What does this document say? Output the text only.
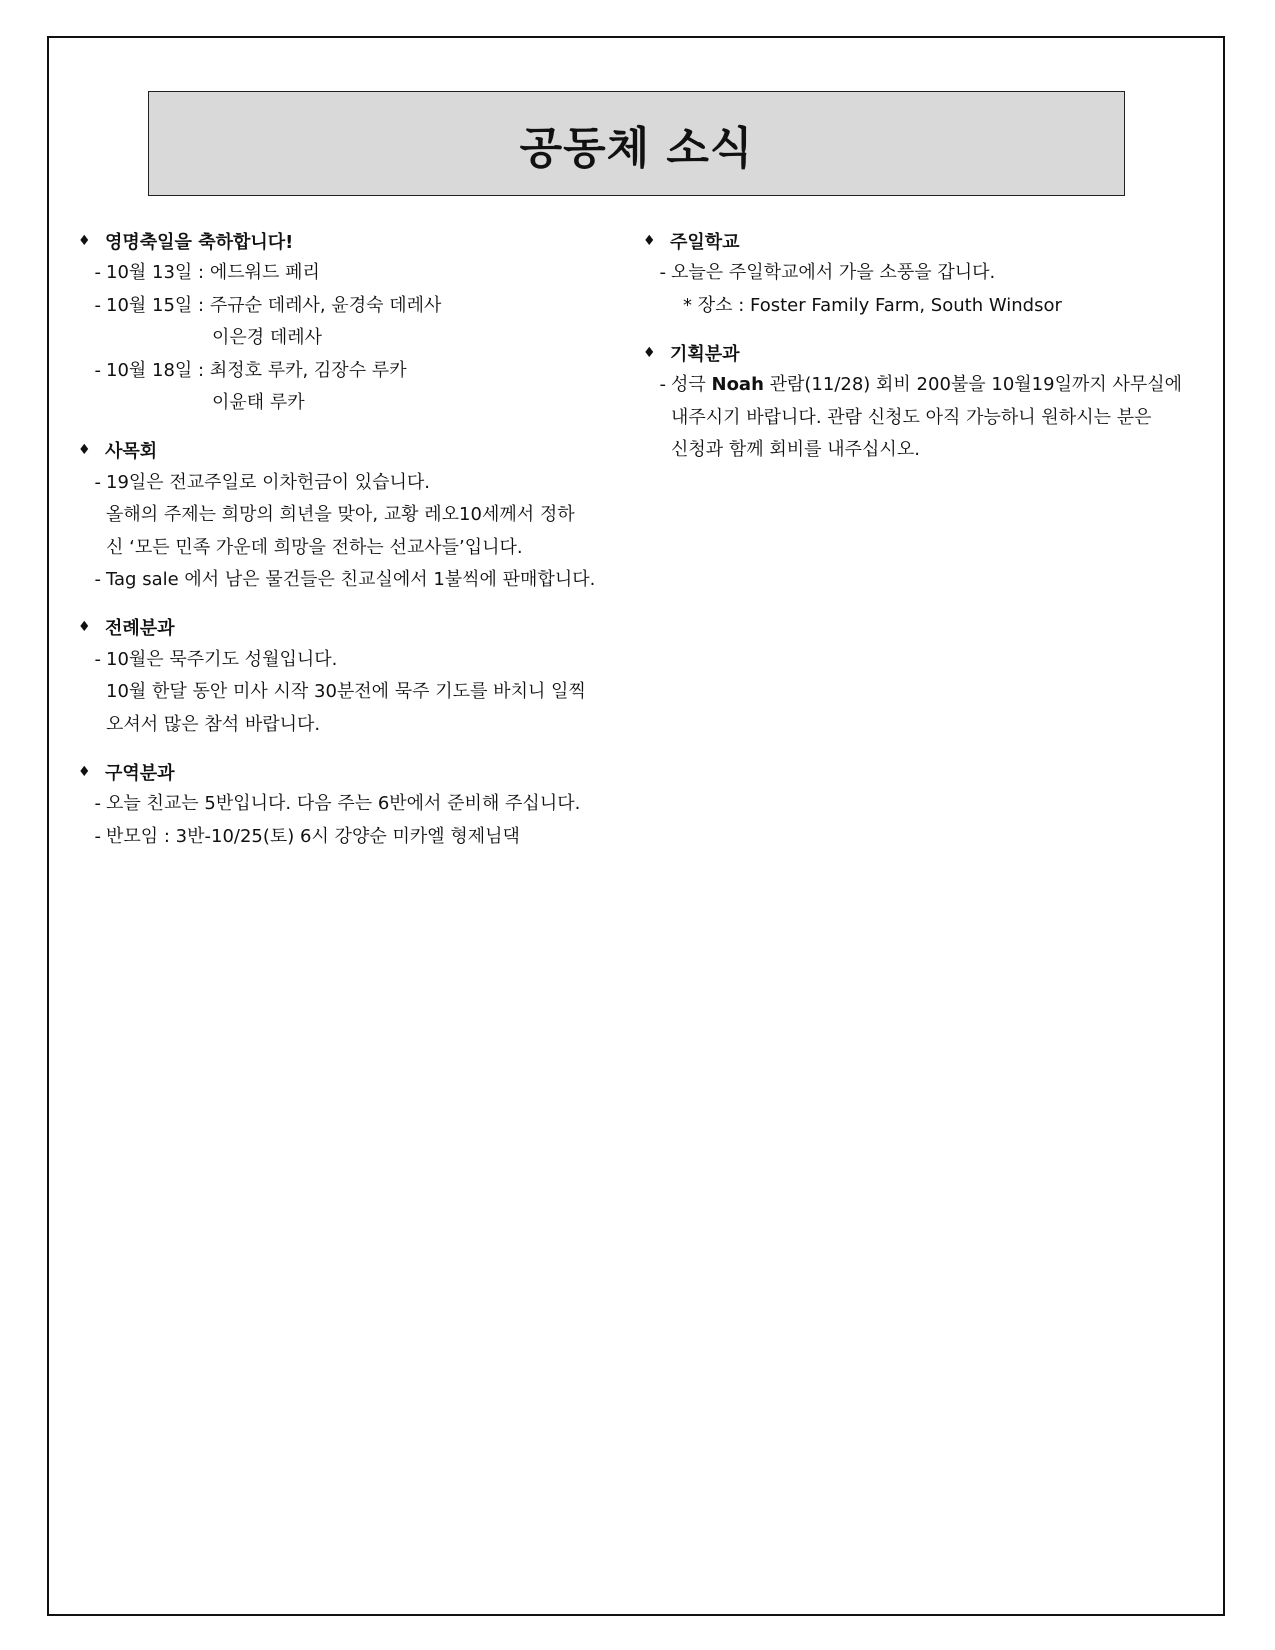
공동체 소식
♦ 영명축일을 축하합니다!
- 10월 13일 : 에드워드 페리
- 10월 15일 : 주규순 데레사, 윤경숙 데레사
이은경 데레사
- 10월 18일 : 최정호 루카, 김장수 루카
이윤태 루카
♦ 사목회
- 19일은 전교주일로 이차헌금이 있습니다.
올해의 주제는 희망의 희년을 맞아, 교황 레오10세께서 정하
신 ‘모든 민족 가운데 희망을 전하는 선교사들’입니다.
- Tag sale 에서 남은 물건들은 친교실에서 1불씩에 판매합니다.
♦ 전례분과
- 10월은 묵주기도 성월입니다.
10월 한달 동안 미사 시작 30분전에 묵주 기도를 바치니 일찍
오셔서 많은 참석 바랍니다.
♦ 구역분과
- 오늘 친교는 5반입니다. 다음 주는 6반에서 준비해 주십니다.
- 반모임 : 3반-10/25(토) 6시 강양순 미카엘 형제님댁
♦ 주일학교
- 오늘은 주일학교에서 가을 소풍을 갑니다.
* 장소 : Foster Family Farm, South Windsor
♦ 기획분과
- 성극 Noah 관람(11/28) 회비 200불을 10월19일까지 사무실에
내주시기 바랍니다. 관람 신청도 아직 가능하니 원하시는 분은
신청과 함께 회비를 내주십시오.
